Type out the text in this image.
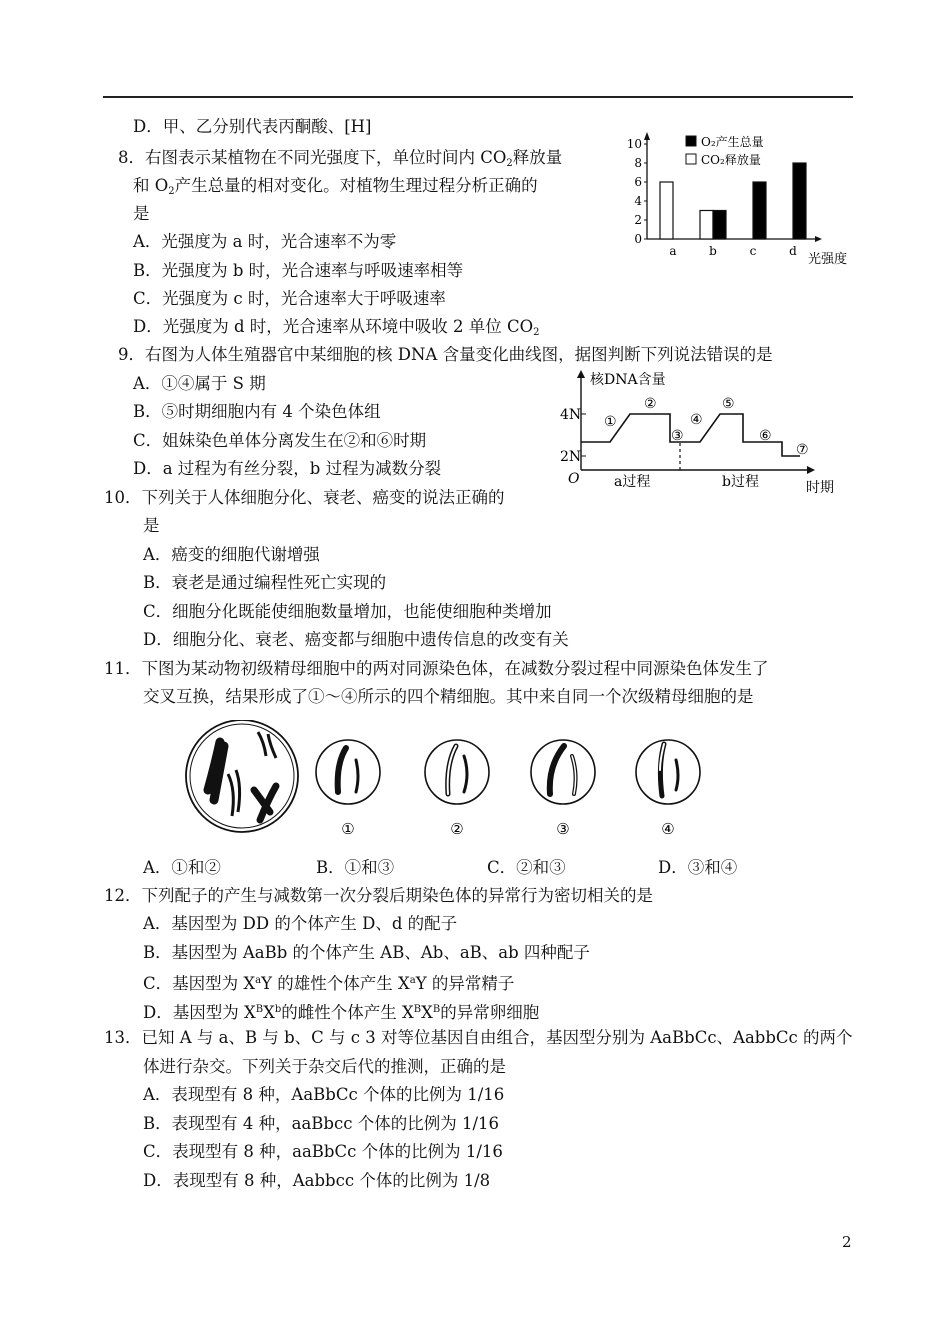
D．甲、乙分别代表丙酮酸、[H]
8．右图表示某植物在不同光强度下，单位时间内 $CO_2$释放量
和 $O_2$产生总量的相对变化。对植物生理过程分析正确的
是
A．光强度为 a 时，光合速率不为零
B．光强度为 b 时，光合速率与呼吸速率相等
C．光强度为 c 时，光合速率大于呼吸速率
D．光强度为 d 时，光合速率从环境中吸收 2 单位 $CO_2$
9．右图为人体生殖器官中某细胞的核 DNA 含量变化曲线图，据图判断下列说法错误的是
A．①④属于 S 期
B．⑤时期细胞内有 4 个染色体组
C．姐妹染色单体分离发生在②和⑥时期
D．a 过程为有丝分裂，b 过程为减数分裂
10．下列关于人体细胞分化、衰老、癌变的说法正确的
是
A．癌变的细胞代谢增强
B．衰老是通过编程性死亡实现的
C．细胞分化既能使细胞数量增加，也能使细胞种类增加
D．细胞分化、衰老、癌变都与细胞中遗传信息的改变有关
11．下图为某动物初级精母细胞中的两对同源染色体，在减数分裂过程中同源染色体发生了
交叉互换，结果形成了①～④所示的四个精细胞。其中来自同一个次级精母细胞的是
①	②	③	④
A．①和②	B．①和③	C．②和③	D．③和④
12．下列配子的产生与减数第一次分裂后期染色体的异常行为密切相关的是
A．基因型为 DD 的个体产生 D、d 的配子
B．基因型为 AaBb 的个体产生 AB、Ab、aB、ab 四种配子
C．基因型为 $X^aY$ 的雄性个体产生 $X^aY$ 的异常精子
D．基因型为 $X^BX^b$的雌性个体产生 $X^BX^B$的异常卵细胞
13．已知 A 与 a、B 与 b、C 与 c 3 对等位基因自由组合，基因型分别为 AaBbCc、AabbCc 的两个
体进行杂交。下列关于杂交后代的推测，正确的是
A．表现型有 8 种，AaBbCc 个体的比例为 1/16
B．表现型有 4 种，aaBbcc 个体的比例为 1/16
C．表现型有 8 种，aaBbCc 个体的比例为 1/16
D．表现型有 8 种，Aabbcc 个体的比例为 1/8
2
0
2
4
6
8
10
a	b	c	d
O₂产生总量
CO₂释放量
光强度
核DNA含量
4N
2N
O
①
②
③
④
⑤
⑥
⑦
a过程	b过程	时期
